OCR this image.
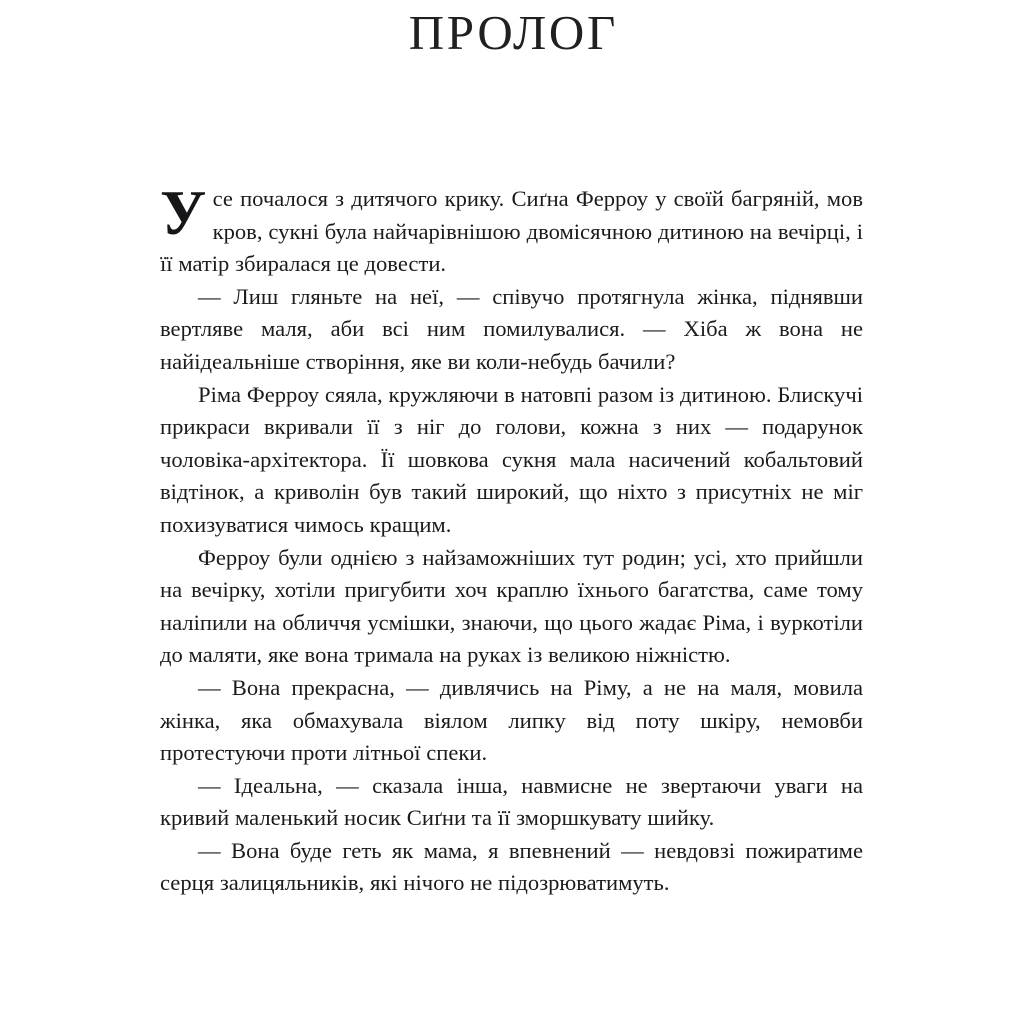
ПРОЛОГ

Усе почалося з дитячого крику. Сиґна Ферроу у своїй багряній, мов кров, сукні була найчарівнішою двомісячною дитиною на вечірці, і її матір збиралася це довести.

— Лиш гляньте на неї, — співучо протягнула жінка, піднявши вертляве маля, аби всі ним помилувалися. — Хіба ж вона не найідеальніше створіння, яке ви коли-небудь бачили?

Ріма Ферроу сяяла, кружляючи в натовпі разом із дитиною. Блискучі прикраси вкривали її з ніг до голови, кожна з них — подарунок чоловіка-архітектора. Її шовкова сукня мала насичений кобальтовий відтінок, а криволін був такий широкий, що ніхто з присутніх не міг похизуватися чимось кращим.

Ферроу були однією з найзаможніших тут родин; усі, хто прийшли на вечірку, хотіли пригубити хоч краплю їхнього багатства, саме тому наліпили на обличчя усмішки, знаючи, що цього жадає Ріма, і вуркотіли до маляти, яке вона тримала на руках із великою ніжністю.

— Вона прекрасна, — дивлячись на Ріму, а не на маля, мовила жінка, яка обмахувала віялом липку від поту шкіру, немовби протестуючи проти літньої спеки.

— Ідеальна, — сказала інша, навмисне не звертаючи уваги на кривий маленький носик Сиґни та її зморшкувату шийку.

— Вона буде геть як мама, я впевнений — невдовзі пожиратиме серця залицяльників, які нічого не підозрюватимуть.
